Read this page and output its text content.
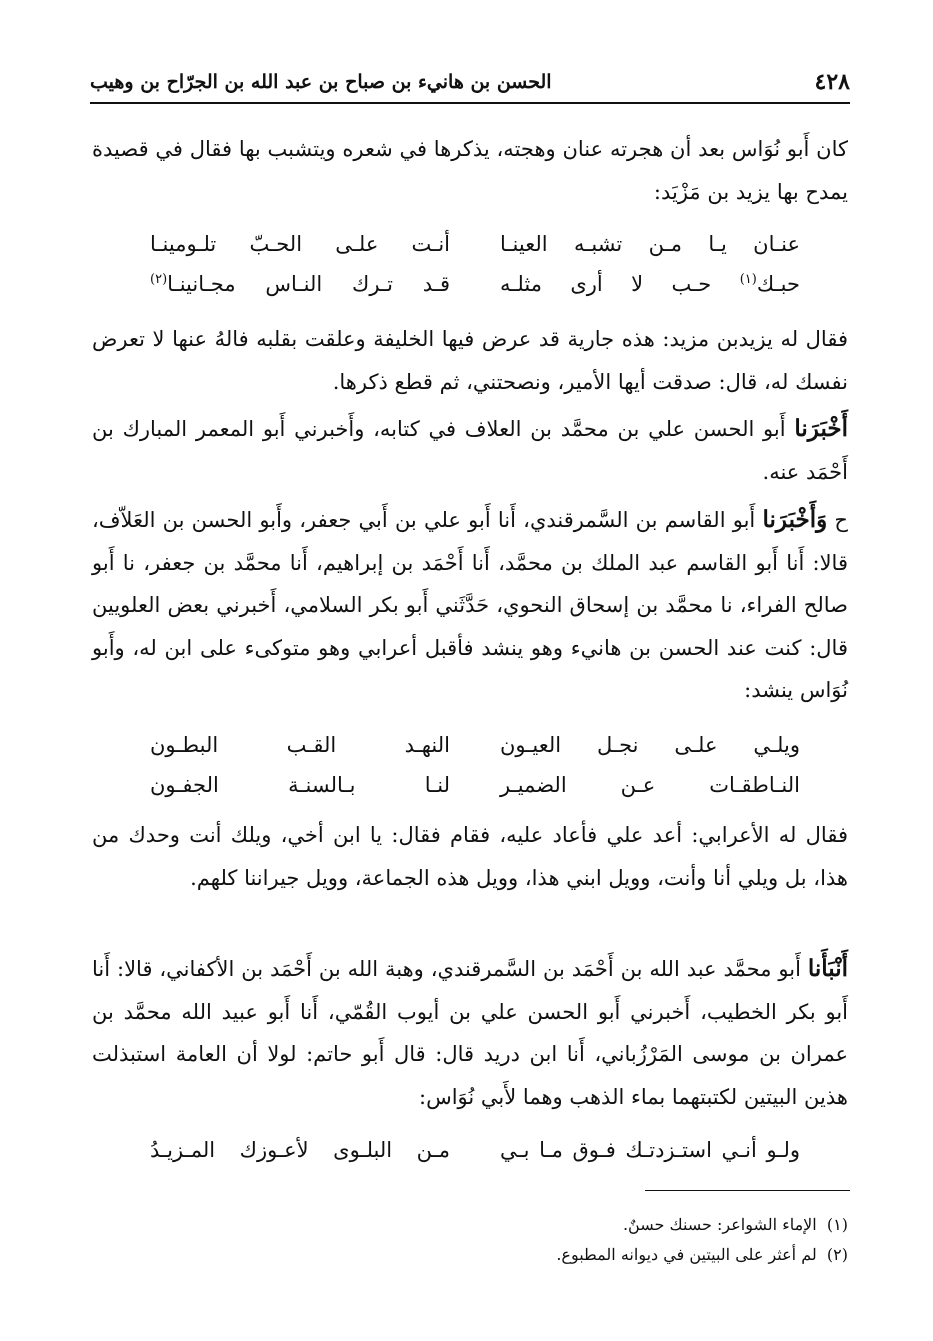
٤٢٨
الحسن بن هانيء بن صباح بن عبد الله بن الجرّاح بن وهيب

كان أَبو نُوَاس بعد أن هجرته عنان وهجته، يذكرها في شعره ويتشبب بها فقال في قصيدة يمدح بها يزيد بن مَزْيَد:

عنـان يـا مـن تشبـه العينـا
أنـت علـى الحـبّ تلـومينـا
حبـك$^{(١)}$ حـب لا أرى مثلـه
قـد تـرك النـاس مجـانينـا$^{(٢)}$

فقال له يزيدبن مزيد: هذه جارية قد عرض فيها الخليفة وعلقت بقلبه فالهُ عنها لا تعرض نفسك له، قال: صدقت أيها الأمير، ونصحتني، ثم قطع ذكرها.

أَخْبَرَنا أَبو الحسن علي بن محمَّد بن العلاف في كتابه، وأَخبرني أَبو المعمر المبارك بن أَحْمَد عنه.

ح وَأَخْبَرَنا أَبو القاسم بن السَّمرقندي، أَنا أَبو علي بن أَبي جعفر، وأَبو الحسن بن العَلاّف، قالا: أَنا أَبو القاسم عبد الملك بن محمَّد، أَنا أَحْمَد بن إبراهيم، أَنا محمَّد بن جعفر، نا أَبو صالح الفراء، نا محمَّد بن إسحاق النحوي، حَدَّثَني أَبو بكر السلامي، أَخبرني بعض العلويين قال: كنت عند الحسن بن هانيء وهو ينشد فأقبل أعرابي وهو متوكىء على ابن له، وأَبو نُوَاس ينشد:

ويلـي علـى نجـل العيـون
النهـد القـب البطـون
النـاطقـات عـن الضميـر
لنـا بـالسنـة الجفـون

فقال له الأعرابي: أعد علي فأعاد عليه، فقام فقال: يا ابن أخي، ويلك أنت وحدك من هذا، بل ويلي أنا وأنت، وويل ابني هذا، وويل هذه الجماعة، وويل جيراننا كلهم.

أَنْبَأَنا أَبو محمَّد عبد الله بن أَحْمَد بن السَّمرقندي، وهبة الله بن أَحْمَد بن الأكفاني، قالا: أَنا أَبو بكر الخطيب، أَخبرني أَبو الحسن علي بن أيوب القُمّي، أَنا أَبو عبيد الله محمَّد بن عمران بن موسى المَرْزُباني، أَنا ابن دريد قال: قال أَبو حاتم: لولا أن العامة استبذلت هذين البيتين لكتبتهما بماء الذهب وهما لأَبي نُوَاس:

ولـو أنـي استـزدتـك فـوق مـا بـي
مـن البلـوى لأعـوزك المـزيـدُ
(١)  الإماء الشواعر: حسنك حسنٌ.
(٢)  لم أعثر على البيتين في ديوانه المطبوع.
